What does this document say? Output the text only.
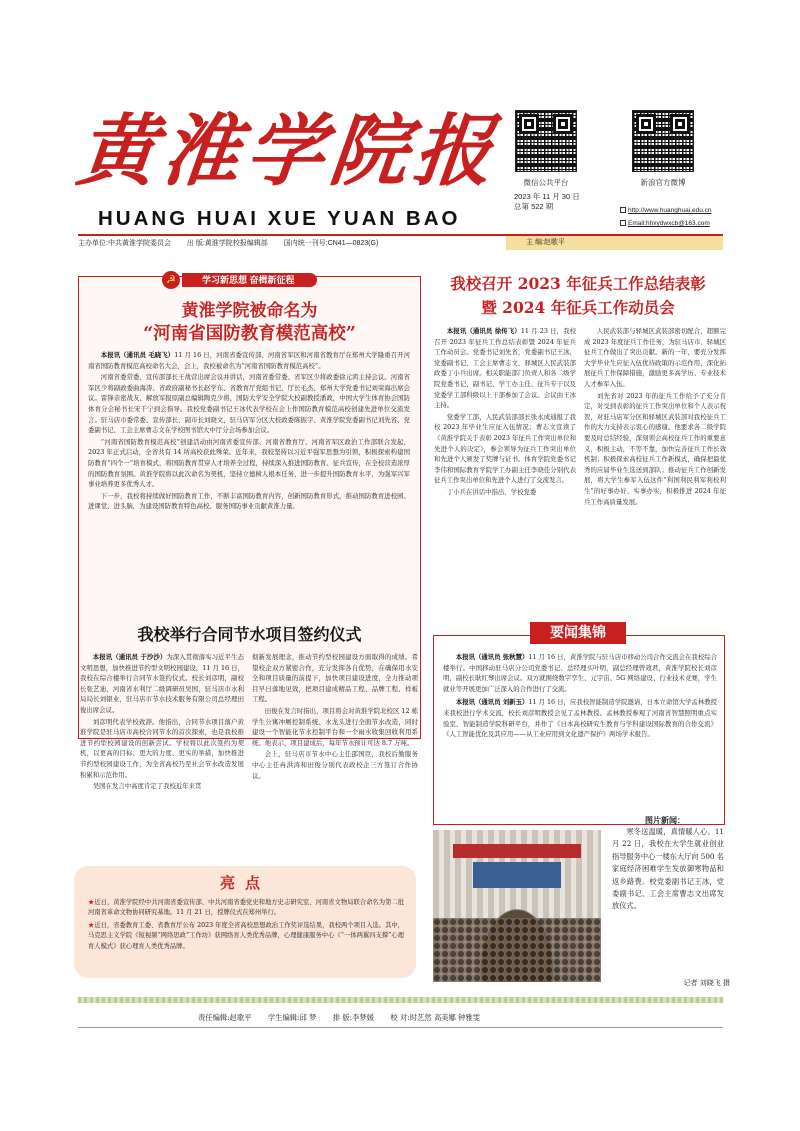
黄淮学院报
HUANG HUAI XUE YUAN BAO
微信公共平台	新浪官方微博
2023 年 11 月 30 日
总第 522 期	http://www.huanghuai.edu.cn
Email:hhxydwxcb@163.com
主办单位:中共黄淮学院委员会 出 版:黄淮学院校报编辑部 国内统一刊号:CN41—0823(G)	主 编:赵歌平
学习新思想 奋楫新征程
☭
黄淮学院被命名为
“河南省国防教育模范高校”

本报讯（通讯员 毛晓飞）11 月 16 日，河南省委宣传部、河南省军区和河南省教育厅在郑州大学隆重召开河南省国防教育模范高校命名大会，会上，我校被命名为“河南省国防教育模范高校”。

河南省委常委、宣传部部长王战营出席会议并讲话，河南省委常委、省军区少将政委徐元鸿主持会议。河南省军区少将副政委曲海涛、省政府副秘书长赵学东、省教育厅党组书记、厅长毛杰、郑州大学党委书记刘荣海出席会议。雷锋亲密战友、解放军报原副总编辑陶克少将，国防大学安全学院大校副教授潘政，中国大学生体育协会国防体育分会秘书长宋千宁到会指导。我校党委副书记王冰代表学校在会上作国防教育模范高校创建先进单位交流发言。驻马店市委常委、宣传部长、副市长刘晓文，驻马店军分区大校政委陈振宇、黄淮学院党委副书记刘先省、党委副书记、工会主席曹志文在学校图书馆大中厅分会场参加会议。

“河南省国防教育模范高校”创建活动由河南省委宣传部、河南省教育厅、河南省军区政治工作部联合发起，2023 年正式启动，全省共有 14 所高校获此殊荣。近年来，我校坚持以习近平强军思想为引领，积极探索构建国防教育“四个一”培育模式，将国防教育贯穿人才培养全过程，持续深入推进国防教育、征兵宣传，在全校营造浓厚的国防教育氛围。黄淮学院将以此次命名为契机，坚持立德树人根本任务，进一步提升国防教育水平，为强军兴军事业培养更多优秀人才。

下一步，我校将持续做好国防教育工作，不断丰富国防教育内容，创新国防教育形式，推动国防教育进校园、进课堂、进头脑，为建设国防教育特色高校、服务国防事业贡献黄淮力量。

我校召开 2023 年征兵工作总结表彰
暨 2024 年征兵工作动员会

本报讯（通讯员 徐传飞）11 月 23 日，我校召开 2023 年征兵工作总结表彰暨 2024 年征兵工作动员会。党委书记刘先省，党委副书记王冰，党委副书记、工会主席曹志文，驿城区人民武装部政委丁小兵出席。相关职能部门负责人和各二级学院党委书记、副书记、学工办主任、征兵专干以及党委学工部科级以上干部参加了会议。会议由王冰主持。

党委学工部、人民武装部部长张永成通报了我校 2023 年毕业生应征入伍情况；曹志文宣读了《黄淮学院关于表彰 2023 年征兵工作突出单位和先进个人的决定》，参会领导为征兵工作突出单位和先进个人颁发了奖牌与证书。体育学院党委书记李伟和国际教育学院学工办副主任李晓佳分别代表征兵工作突出单位和先进个人进行了交流发言。

丁小兵在讲话中指出，学校党委

人民武装部与驿城区武装部密切配合，超额完成 2023 年度征兵工作任务，为驻马店市、驿城区征兵工作做出了突出贡献。新的一年，要充分发挥大学毕业生应征入伍优待政策的示范作用，深化拓展征兵工作保障措施，激励更多高学历、专业技术人才参军入伍。

刘先省对 2023 年的征兵工作给予了充分肯定，对受到表彰的征兵工作突出单位和个人表示祝贺，对驻马店军分区和驿城区武装部对我校征兵工作的大力支持表示衷心的感谢。他要求各二级学院要及时总结经验，深刻领会高校征兵工作的重要意义，积极主动，不等不靠，加快完善征兵工作长效机制；积极探索高校征兵工作新模式，确保把最优秀的应届毕业生选送到部队；推动征兵工作创新发展，将大学生参军入伍这件“利国利民利军利校利生”的好事办好、实事办实，积极推进 2024 年征兵工作高质量发展。

我校举行合同节水项目签约仪式

本报讯（通讯员 于沙沙）为深入贯彻落实习近平生态文明思想，加快推进节约型文明校园建设，11 月 16 日，我校在综合楼举行合同节水签约仪式。校长刘彦明，副校长张艺迪，河南省水利厅二级调研员吴国，驻马店市水利局局长刘银业，驻马店市节水技术服务有限公司总经理田俊出席会议。

刘彦明代表学校致辞。他指出，合同节水项目落户黄淮学院是驻马店市高校合同节水的首次探索，也是我校推进节约型校园建设的创新尝试。学校将以此次签约为契机，以更高的目标、更大的力度、更实的举措，加快推进节约型校园建设工作，为全省高校乃至社会节水改造发展积累和示范作用。

吴国在发言中高度肯定了我校近年来贯

彻新发展理念，推动节约型校园建设方面取得的成绩。希望校企双方紧密合作，充分发挥各自优势，在确保用水安全和项目质量的前提下，加快项目建设进度，全力推动项目早日落地见效，把项目建成精品工程、品牌工程、样板工程。

田俊在发言时指出，项目将会对黄淮学院北校区 12 栋学生公寓冲厕控制系统、水龙头进行全面节水改造，同时建设一个智能化节水控制平台和一个雨水收集回收利用系统。他表示，项目建成后，每年节水预计可达 8.7 万吨。

会上，驻马店市节水中心主任邵国臣，我校后勤服务中心主任冉洪涛和田俊分别代表政校企三方签订合作协议。

要闻集锦

本报讯（通讯员 张秋慧）11 月 16 日，黄淮学院与驻马店市移动公司合作交流会在我校综合楼举行。中国移动驻马店分公司党委书记、总经理买叶明，副总经理曾效君，黄淮学院校长刘彦明，副校长耿红琴出席会议。双方就围绕数字孪生、元宇宙、5G 网络建设、行业技术竞赛，学生就业等开展更加广泛深入的合作进行了交流。

本报讯（通讯员 刘新玉）11 月 16 日，应我校智能制造学院邀请，日本立命馆大学孟林教授来我校进行学术交流，校长刘彦明教授会见了孟林教授。孟林教授参观了河南省智慧照明重点实验室、智能制造学院科研平台，并作了《日本高校研究生教育与学科建设国际教育的合作交流》《人工智能优化及其应用——从工业应用到文化遗产保护》两场学术报告。

亮点

★近日，黄淮学院经中共河南省委宣传部、中共河南省委党史和地方史志研究室、河南省文物局联合命名为第二批河南省革命文物协同研究基地。11 月 21 日，授牌仪式在郑州举行。

★近日，省委教育工委、省教育厅公布 2023 年度全省高校思想政治工作奖评选结果，我校两个项目入选。其中，马克思主义学院《短视频“网络思政”工作坊》获网络育人类优秀品牌，心理健康服务中心《“一体两翼四支撑”心理育人模式》获心理育人类优秀品牌。

图片新闻：
寒冬送温暖，真情暖人心。11 月 22 日，我校在大学生就业创业指导服务中心一楼东大厅向 500 名家庭经济困难学生发放御寒物品和返乡路费。校党委副书记王冰，党委副书记、工会主席曹志文出席发放仪式。
记者 刘晓飞 摄
责任编辑:赵歌平 学生编辑:邱 梦 排 版:李梦媛 校 对:时艺然 高美娜 钟雅雯
